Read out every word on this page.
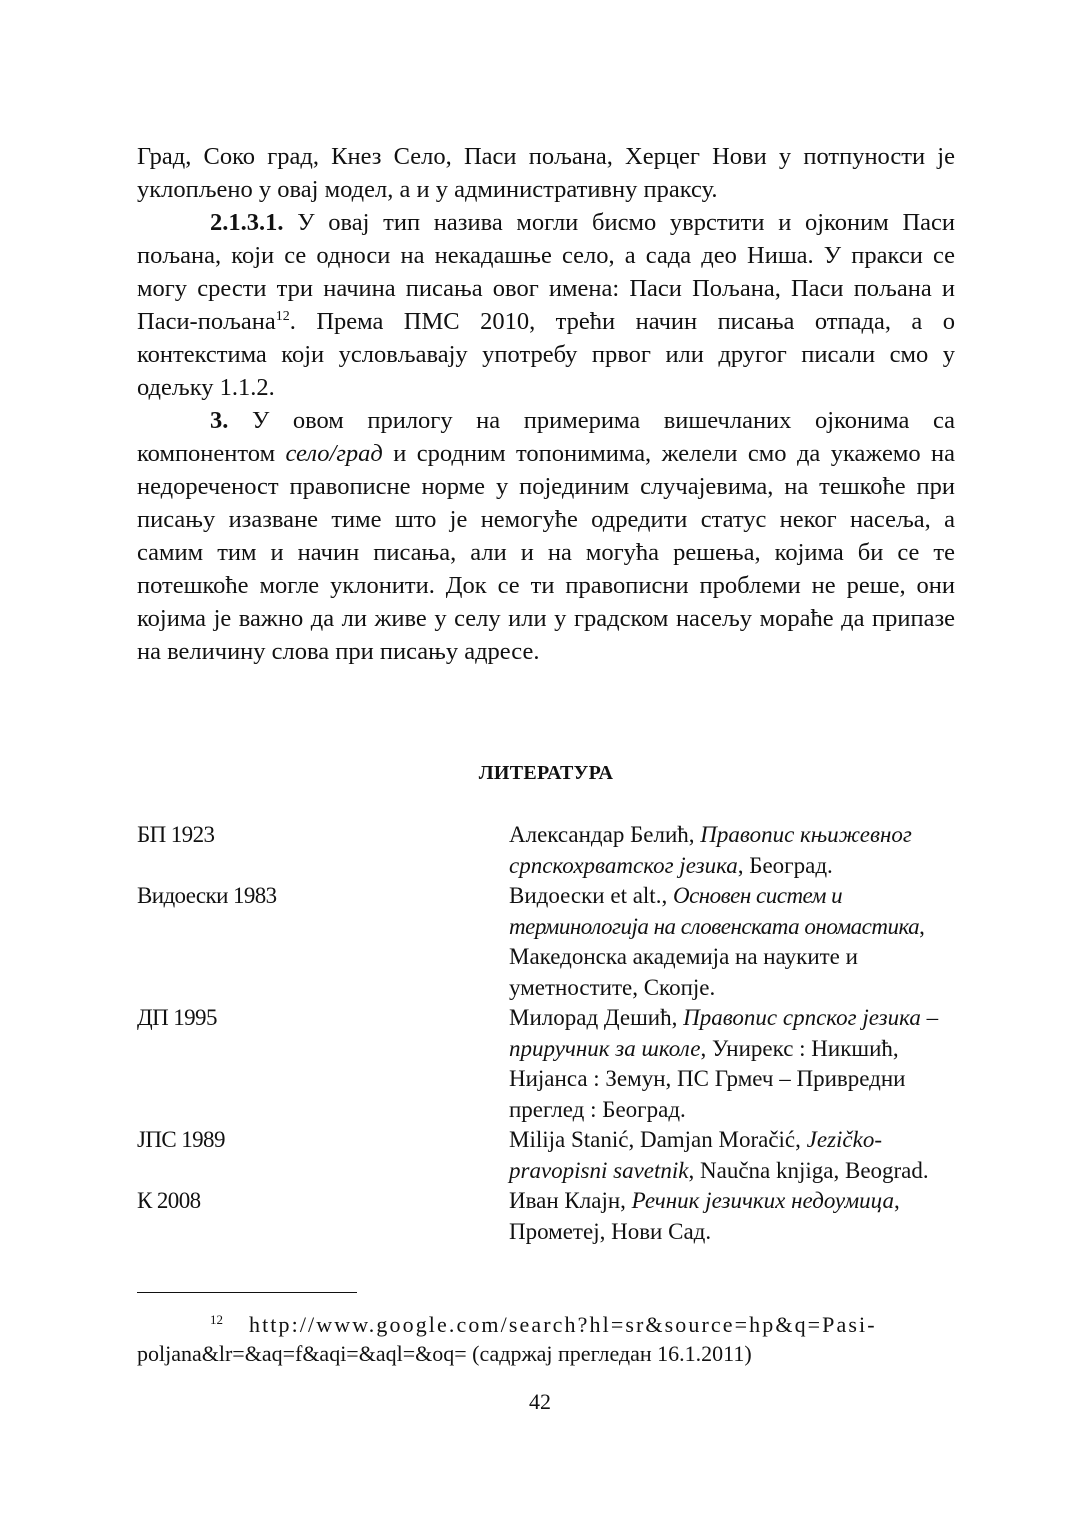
Град, Соко град, Кнез Село, Паси пољана, Херцег Нови у потпуности је уклопљено у овај модел, а и у административну праксу.

2.1.3.1. У овај тип назива могли бисмо уврстити и ојконим Паси пољана, који се односи на некадашње село, а сада део Ниша. У пракси се могу срести три начина писања овог имена: Паси Пољана, Паси пољана и Паси-пољана$^{12}$. Према ПМС 2010, трећи начин писања отпада, а о контекстима који условљавају употребу првог или другог писали смо у одељку 1.1.2.

3. У овом прилогу на примерима вишечланих ојконима са компонентом село/град и сродним топонимима, желели смо да укажемо на недореченост правописне норме у појединим случајевима, на тешкоће при писању изазване тиме што је немогуће одредити статус неког насеља, а самим тим и начин писања, али и на могућа решења, којима би се те потешкоће могле уклонити. Док се ти правописни проблеми не реше, они којима је важно да ли живе у селу или у градском насељу мораће да припазе на величину слова при писању адресе.

ЛИТЕРАТУРА
БП 1923	Александар Белић, Правопис књижевног српскохрватског језика, Београд.
Видоески 1983	Видоески et alt., Основен систем и терминологија на словенската ономастика, Македонска академија на науките и уметностите, Скопје.
ДП 1995	Милорад Дешић, Правопис српског језика – приручник за школе, Унирекс : Никшић, Нијанса : Земун, ПС Грмеч – Привредни преглед : Београд.
ЈПС 1989	Milija Stanić, Damjan Moračić, Jezičko-pravopisni savetnik, Naučna knjiga, Beograd.
К 2008	Иван Клајн, Речник језичких недоумица, Прометеј, Нови Сад.
$^{12}$ http://www.google.com/search?hl=sr&source=hp&q=Pasi-
poljana&lr=&aq=f&aqi=&aql=&oq= (садржај прегледан 16.1.2011)
42
